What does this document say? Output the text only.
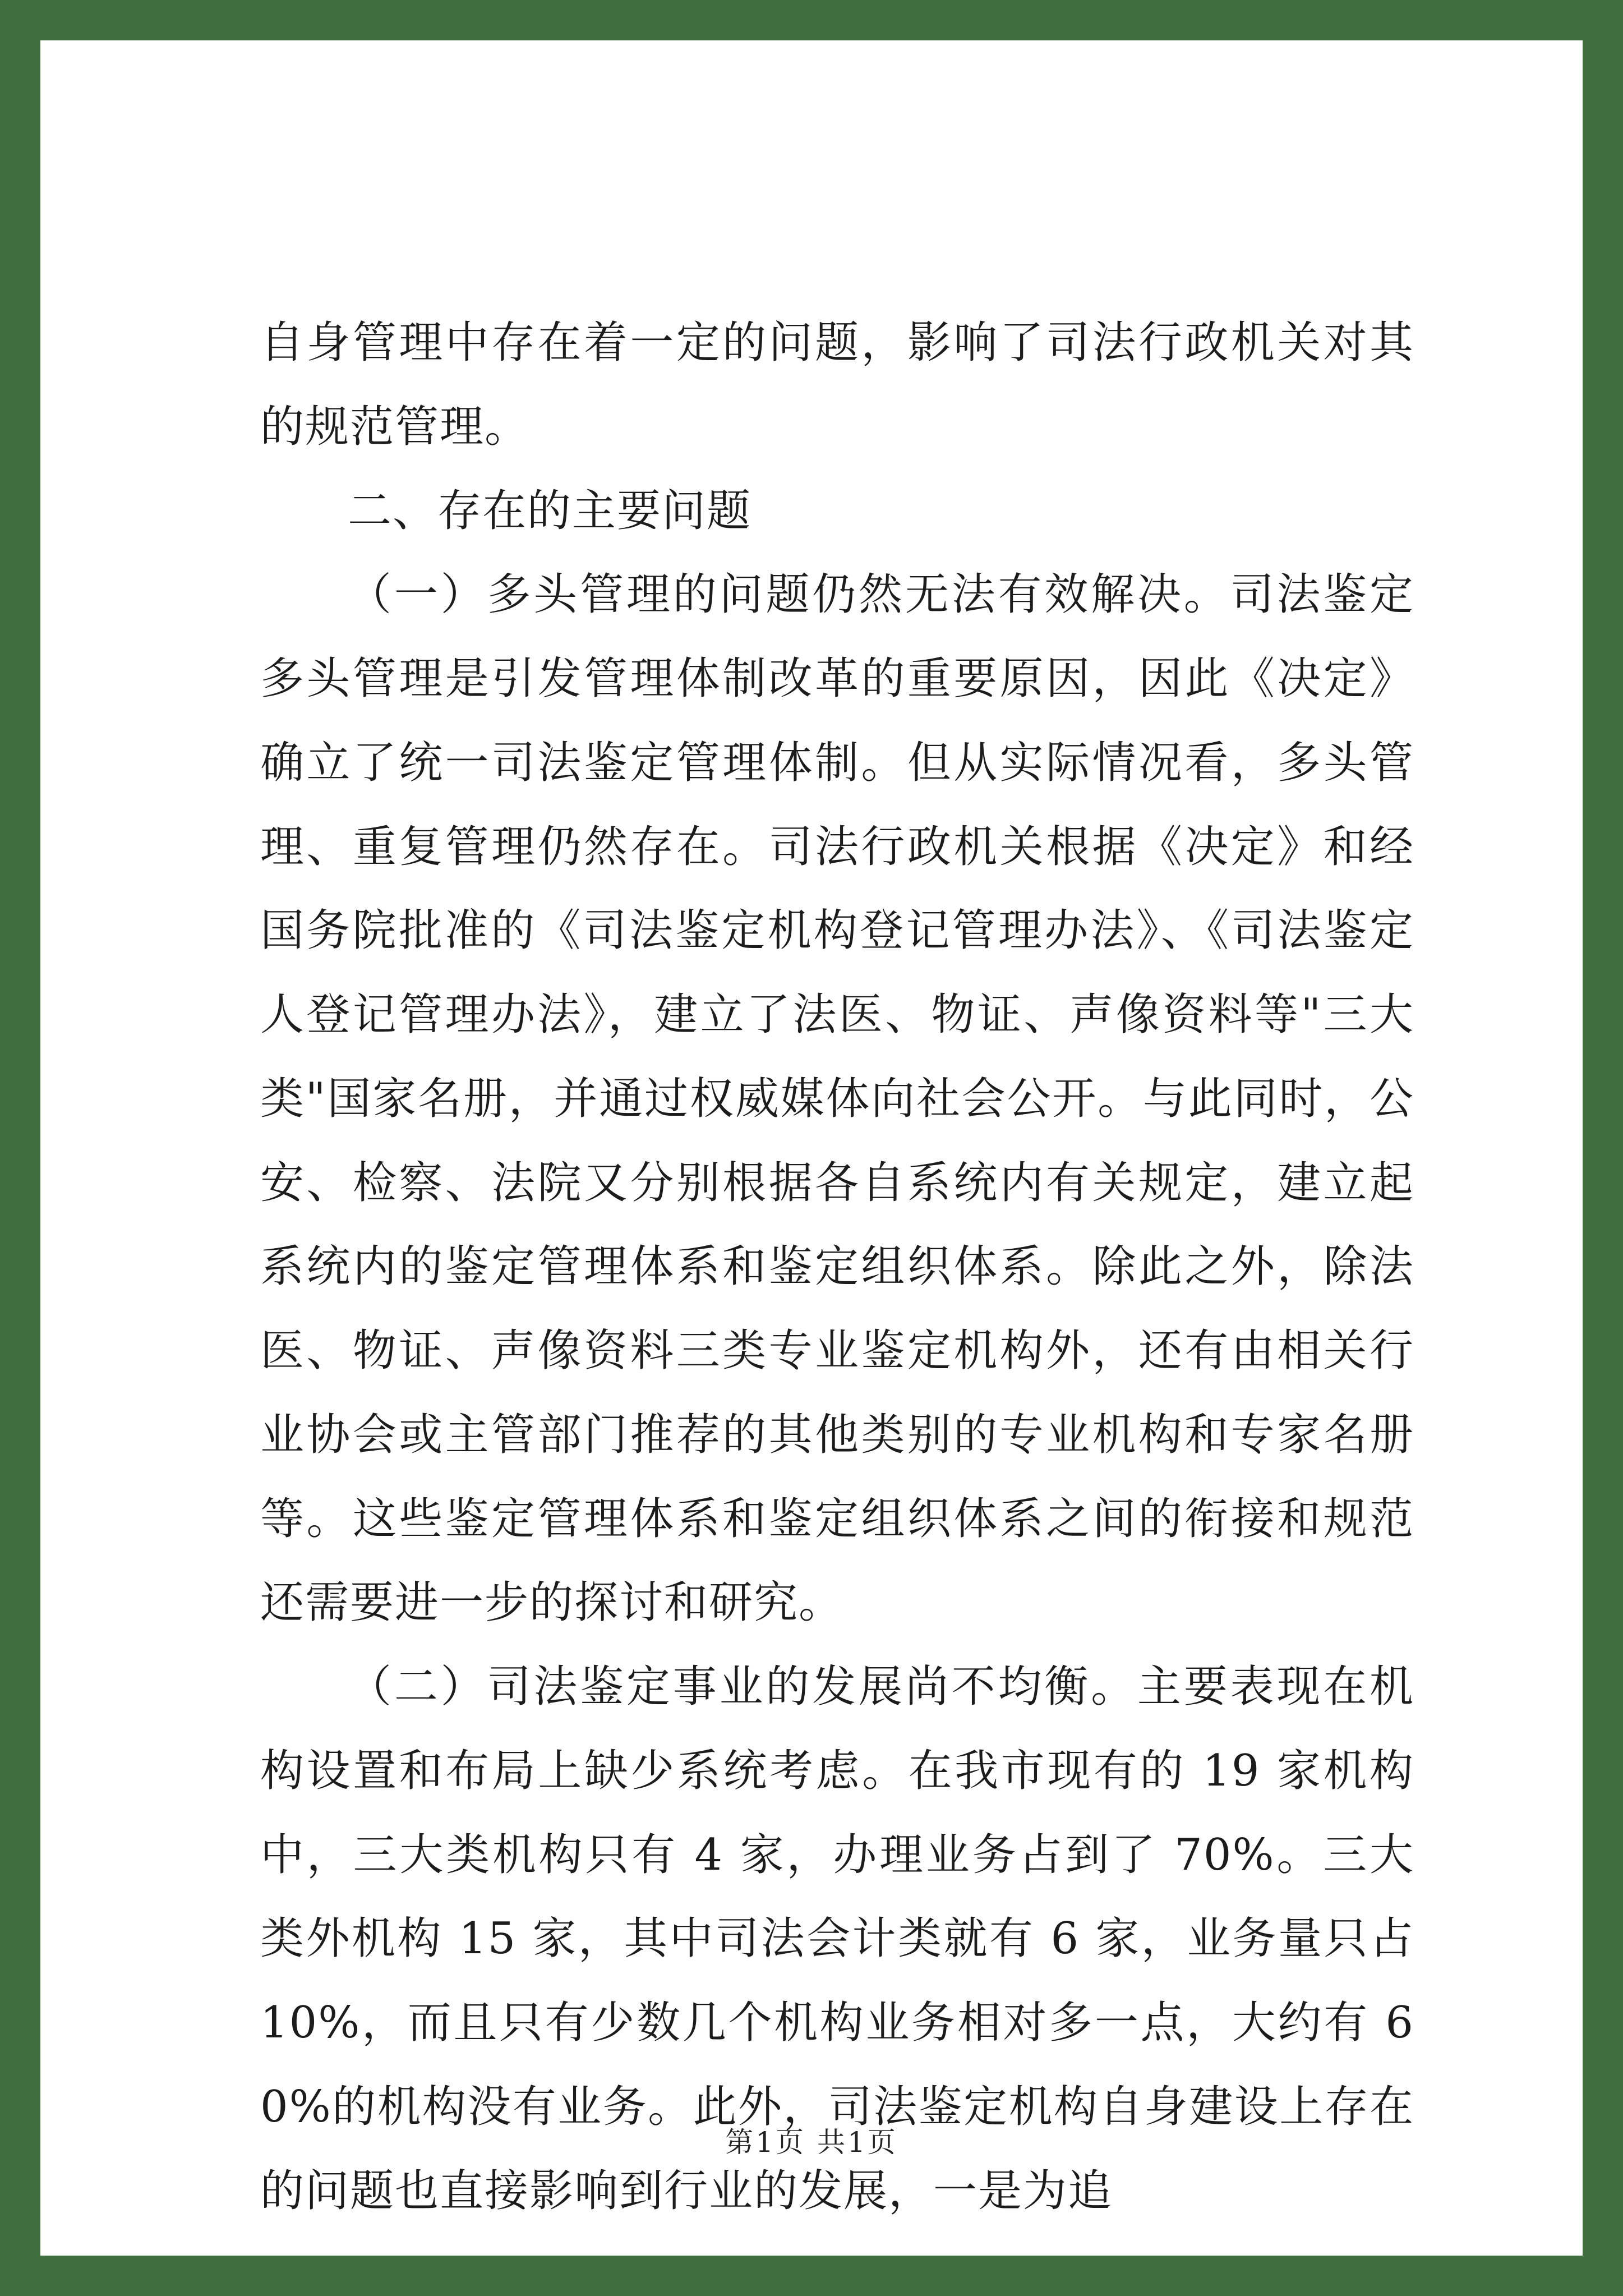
自身管理中存在着一定的问题，影响了司法行政机关对其的规范管理。

二、存在的主要问题

（一）多头管理的问题仍然无法有效解决。司法鉴定多头管理是引发管理体制改革的重要原因，因此《决定》确立了统一司法鉴定管理体制。但从实际情况看，多头管理、重复管理仍然存在。司法行政机关根据《决定》和经国务院批准的《司法鉴定机构登记管理办法》、《司法鉴定人登记管理办法》，建立了法医、物证、声像资料等"三大类"国家名册，并通过权威媒体向社会公开。与此同时，公安、检察、法院又分别根据各自系统内有关规定，建立起系统内的鉴定管理体系和鉴定组织体系。除此之外，除法医、物证、声像资料三类专业鉴定机构外，还有由相关行业协会或主管部门推荐的其他类别的专业机构和专家名册等。这些鉴定管理体系和鉴定组织体系之间的衔接和规范还需要进一步的探讨和研究。

（二）司法鉴定事业的发展尚不均衡。主要表现在机构设置和布局上缺少系统考虑。在我市现有的 19 家机构中，三大类机构只有 4 家，办理业务占到了 70%。三大类外机构 15 家，其中司法会计类就有 6 家，业务量只占 10%，而且只有少数几个机构业务相对多一点，大约有 60%的机构没有业务。此外，司法鉴定机构自身建设上存在的问题也直接影响到行业的发展，一是为追

第1页 共1页
